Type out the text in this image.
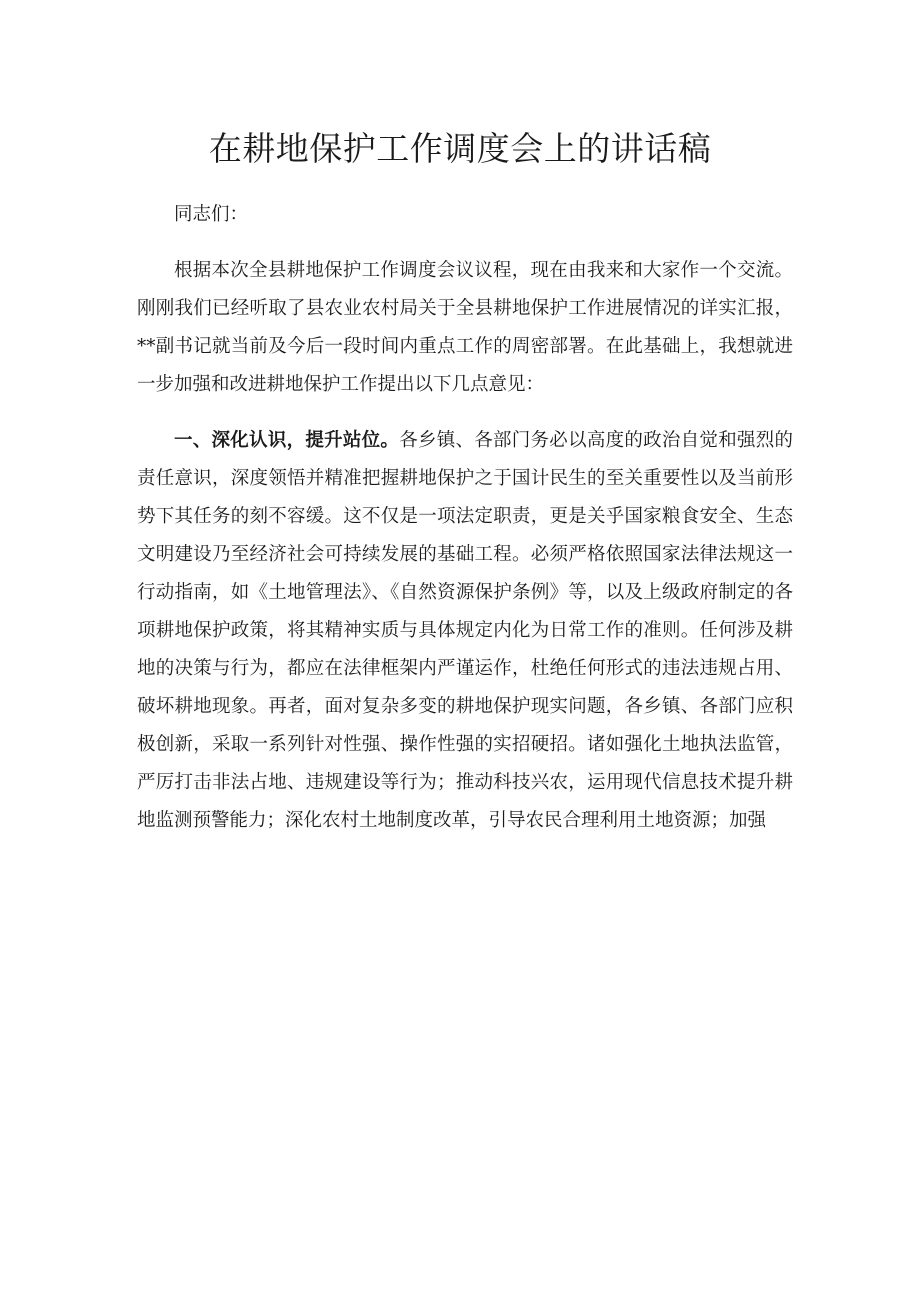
在耕地保护工作调度会上的讲话稿

同志们：

根据本次全县耕地保护工作调度会议议程，现在由我来和大家作一个交流。刚刚我们已经听取了县农业农村局关于全县耕地保护工作进展情况的详实汇报，**副书记就当前及今后一段时间内重点工作的周密部署。在此基础上，我想就进一步加强和改进耕地保护工作提出以下几点意见：

一、深化认识，提升站位。各乡镇、各部门务必以高度的政治自觉和强烈的责任意识，深度领悟并精准把握耕地保护之于国计民生的至关重要性以及当前形势下其任务的刻不容缓。这不仅是一项法定职责，更是关乎国家粮食安全、生态文明建设乃至经济社会可持续发展的基础工程。必须严格依照国家法律法规这一行动指南，如《土地管理法》、《自然资源保护条例》等，以及上级政府制定的各项耕地保护政策，将其精神实质与具体规定内化为日常工作的准则。任何涉及耕地的决策与行为，都应在法律框架内严谨运作，杜绝任何形式的违法违规占用、破坏耕地现象。再者，面对复杂多变的耕地保护现实问题，各乡镇、各部门应积极创新，采取一系列针对性强、操作性强的实招硬招。诸如强化土地执法监管，严厉打击非法占地、违规建设等行为；推动科技兴农，运用现代信息技术提升耕地监测预警能力；深化农村土地制度改革，引导农民合理利用土地资源；加强
